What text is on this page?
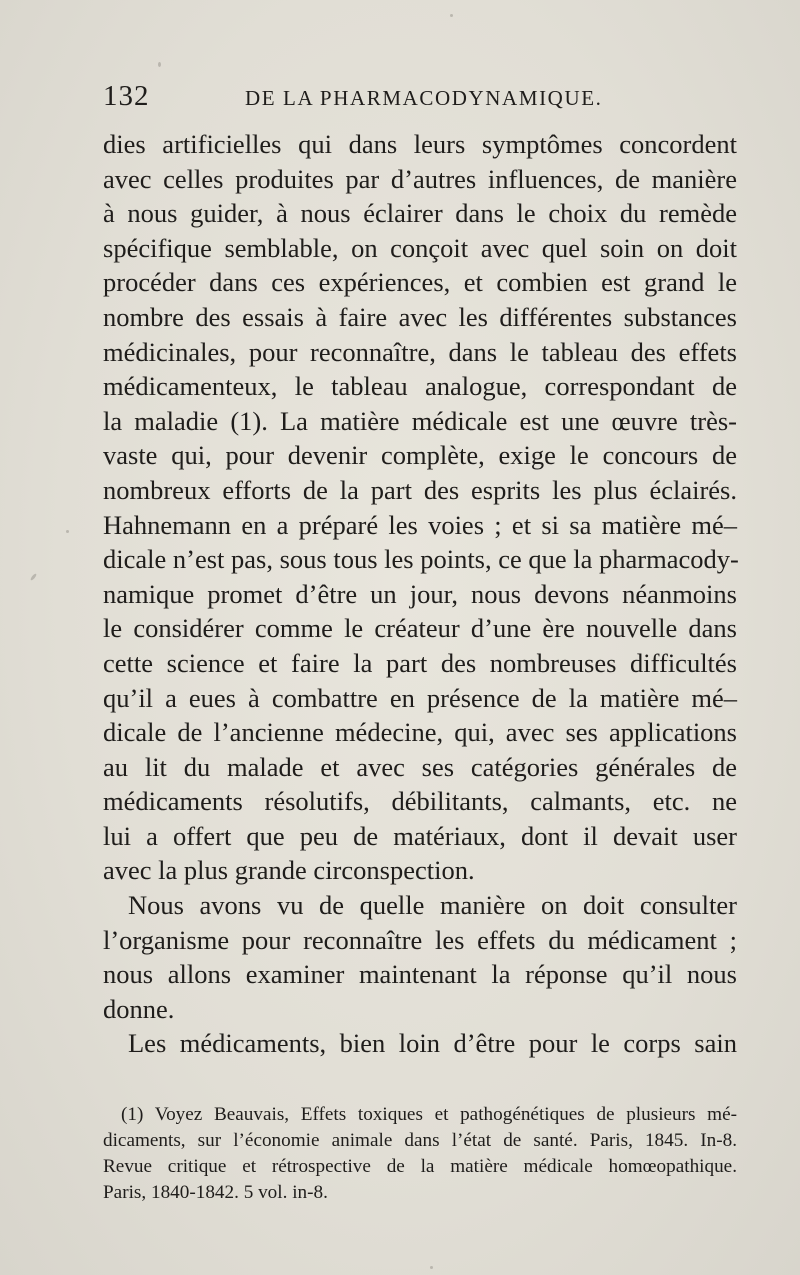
132	DE LA PHARMACODYNAMIQUE.
dies artificielles qui dans leurs symptômes concordent
avec celles produites par d’autres influences, de manière
à nous guider, à nous éclairer dans le choix du remède
spécifique semblable, on conçoit avec quel soin on doit
procéder dans ces expériences, et combien est grand le
nombre des essais à faire avec les différentes substances
médicinales, pour reconnaître, dans le tableau des effets
médicamenteux, le tableau analogue, correspondant de
la maladie (1). La matière médicale est une œuvre très-
vaste qui, pour devenir complète, exige le concours de
nombreux efforts de la part des esprits les plus éclairés.
Hahnemann en a préparé les voies ; et si sa matière mé–
dicale n’est pas, sous tous les points, ce que la pharmacody-
namique promet d’être un jour, nous devons néanmoins
le considérer comme le créateur d’une ère nouvelle dans
cette science et faire la part des nombreuses difficultés
qu’il a eues à combattre en présence de la matière mé–
dicale de l’ancienne médecine, qui, avec ses applications
au lit du malade et avec ses catégories générales de
médicaments résolutifs, débilitants, calmants, etc. ne
lui a offert que peu de matériaux, dont il devait user
avec la plus grande circonspection.
Nous avons vu de quelle manière on doit consulter
l’organisme pour reconnaître les effets du médicament ;
nous allons examiner maintenant la réponse qu’il nous
donne.
Les médicaments, bien loin d’être pour le corps sain
(1) Voyez Beauvais, Effets toxiques et pathogénétiques de plusieurs mé-
dicaments, sur l’économie animale dans l’état de santé. Paris, 1845. In-8.
Revue critique et rétrospective de la matière médicale homœopathique.
Paris, 1840-1842. 5 vol. in-8.
